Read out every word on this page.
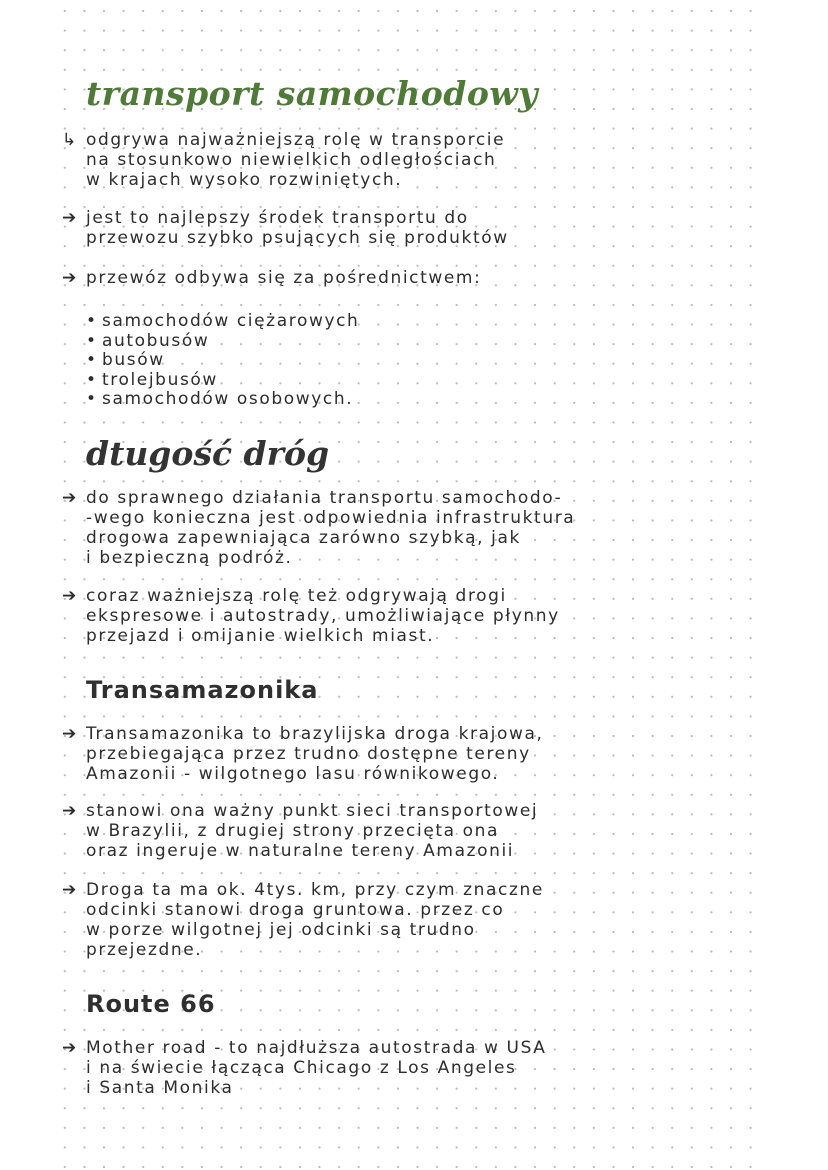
transport samochodowy
↳ odgrywa najważniejszą rolę w transporcie
na stosunkowo niewielkich odległościach
w krajach wysoko rozwiniętych.
➔ jest to najlepszy środek transportu do
przewozu szybko psujących się produktów
➔ przewóz odbywa się za pośrednictwem:
• samochodów ciężarowych
• autobusów
• busów
• trolejbusów
• samochodów osobowych.
dtugość dróg
➔ do sprawnego działania transportu samochodo-
-wego konieczna jest odpowiednia infrastruktura
drogowa zapewniająca zarówno szybką, jak
i bezpieczną podróż.
➔ coraz ważniejszą rolę też odgrywają drogi
ekspresowe i autostrady, umożliwiające płynny
przejazd i omijanie wielkich miast.
Transamazonika
➔ Transamazonika to brazylijska droga krajowa,
przebiegająca przez trudno dostępne tereny
Amazonii - wilgotnego lasu równikowego.
➔ stanowi ona ważny punkt sieci transportowej
w Brazylii, z drugiej strony przecięta ona
oraz ingeruje w naturalne tereny Amazonii
➔ Droga ta ma ok. 4tys. km, przy czym znaczne
odcinki stanowi droga gruntowa. przez co
w porze wilgotnej jej odcinki są trudno
przejezdne.
Route 66
➔ Mother road - to najdłuższa autostrada w USA
i na świecie łącząca Chicago z Los Angeles
i Santa Monika
